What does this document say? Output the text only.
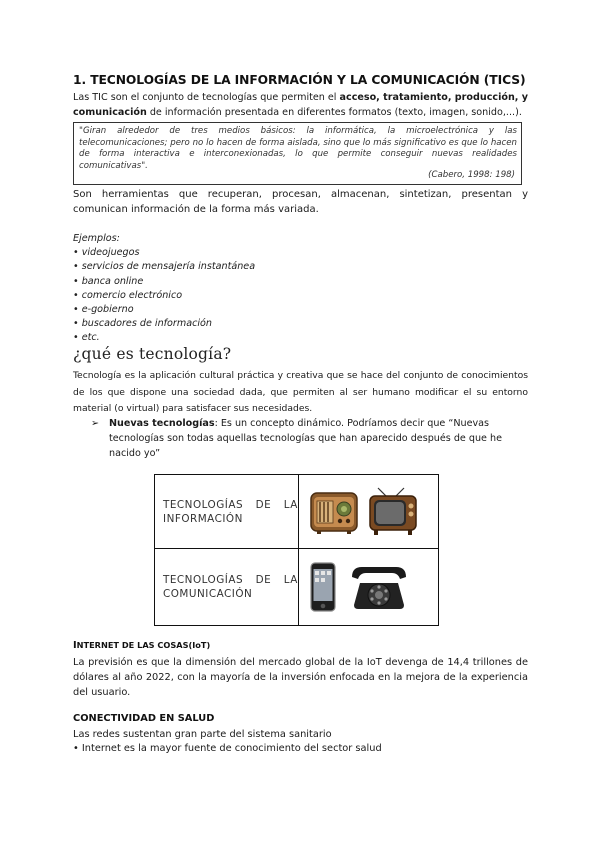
1. TECNOLOGÍAS DE LA INFORMACIÓN Y LA COMUNICACIÓN (TICS)
Las TIC son el conjunto de tecnologías que permiten el acceso, tratamiento, producción, y comunicación de información presentada en diferentes formatos (texto, imagen, sonido,...).
"Giran alrededor de tres medios básicos: la informática, la microelectrónica y las telecomunicaciones; pero no lo hacen de forma aislada, sino que lo más significativo es que lo hacen de forma interactiva e interconexionadas, lo que permite conseguir nuevas realidades comunicativas".
(Cabero, 1998: 198)
Son herramientas que recuperan, procesan, almacenan, sintetizan, presentan y comunican información de la forma más variada.
Ejemplos:
• videojuegos
• servicios de mensajería instantánea
• banca online
• comercio electrónico
• e-gobierno
• buscadores de información
• etc.
¿qué es tecnología?
Tecnología es la aplicación cultural práctica y creativa que se hace del conjunto de conocimientos de los que dispone una sociedad dada, que permiten al ser humano modificar el su entorno material (o virtual) para satisfacer sus necesidades.
➢ Nuevas tecnologías: Es un concepto dinámico. Podríamos decir que “Nuevas tecnologías son todas aquellas tecnologías que han aparecido después de que he nacido yo”
TECNOLOGÍAS DE LA INFORMACIÓN	
TECNOLOGÍAS DE LA COMUNICACIÓN	
INTERNET DE LAS COSAS(IoT)
La previsión es que la dimensión del mercado global de la IoT devenga de 14,4 trillones de dólares al año 2022, con la mayoría de la inversión enfocada en la mejora de la experiencia del usuario.
CONECTIVIDAD EN SALUD
Las redes sustentan gran parte del sistema sanitario
• Internet es la mayor fuente de conocimiento del sector salud
